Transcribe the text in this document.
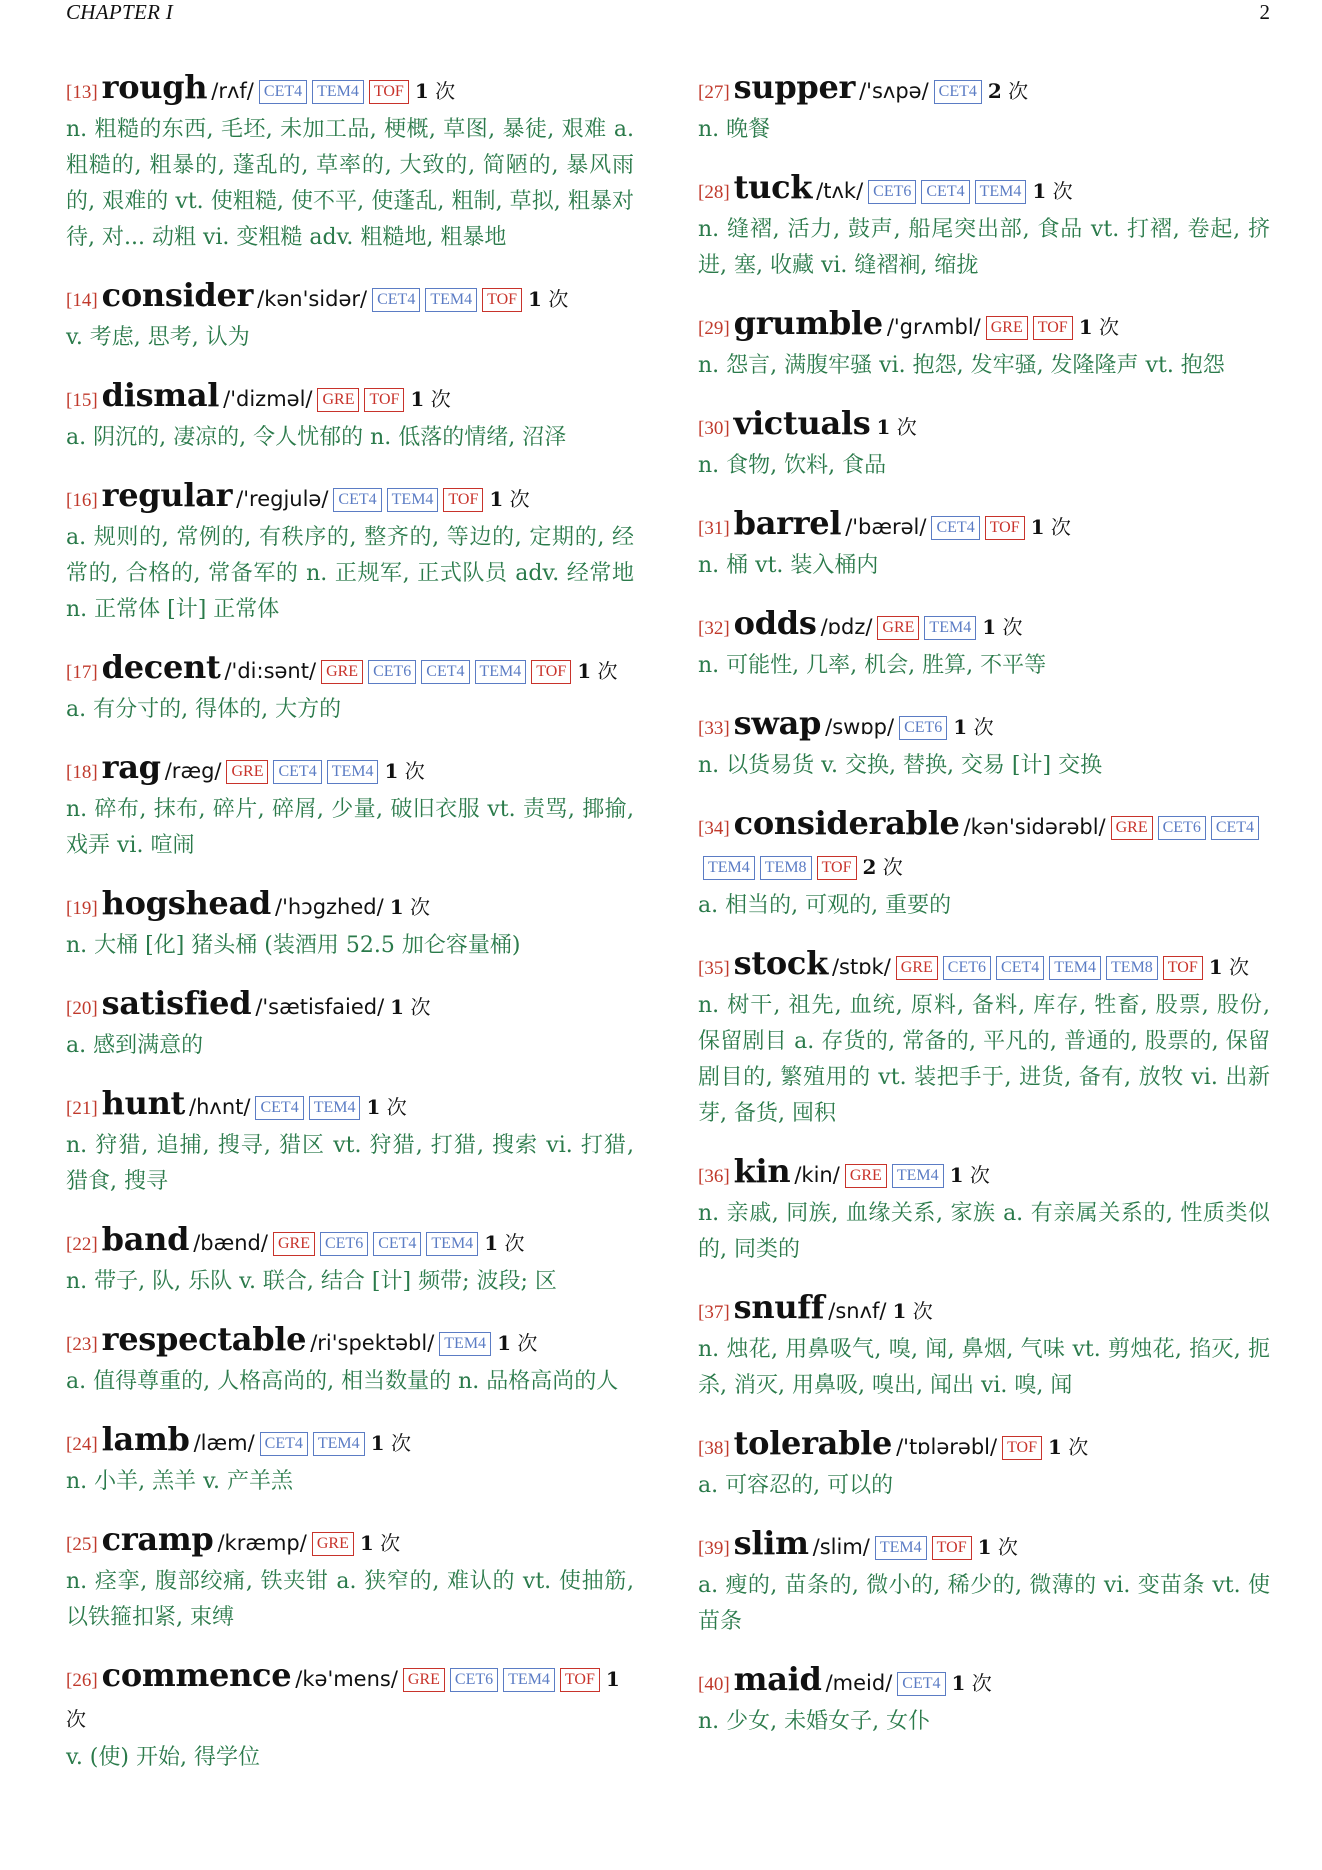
CHAPTER I	2
[13] rough /rʌf/ CET4 TEM4 TOF 1 次
n. 粗糙的东西, 毛坯, 未加工品, 梗概, 草图, 暴徒, 艰难 a. 粗糙的, 粗暴的, 蓬乱的, 草率的, 大致的, 简陋的, 暴风雨的, 艰难的 vt. 使粗糙, 使不平, 使蓬乱, 粗制, 草拟, 粗暴对待, 对... 动粗 vi. 变粗糙 adv. 粗糙地, 粗暴地
[14] consider /kən'sidər/ CET4 TEM4 TOF 1 次
v. 考虑, 思考, 认为
[15] dismal /'dizməl/ GRE TOF 1 次
a. 阴沉的, 凄凉的, 令人忧郁的 n. 低落的情绪, 沼泽
[16] regular /'regjulə/ CET4 TEM4 TOF 1 次
a. 规则的, 常例的, 有秩序的, 整齐的, 等边的, 定期的, 经常的, 合格的, 常备军的 n. 正规军, 正式队员 adv. 经常地 n. 正常体 [计] 正常体
[17] decent /'di:sənt/ GRE CET6 CET4 TEM4 TOF 1 次
a. 有分寸的, 得体的, 大方的
[18] rag /ræg/ GRE CET4 TEM4 1 次
n. 碎布, 抹布, 碎片, 碎屑, 少量, 破旧衣服 vt. 责骂, 揶揄, 戏弄 vi. 喧闹
[19] hogshead /'hɔgzhed/ 1 次
n. 大桶 [化] 猪头桶 (装酒用 52.5 加仑容量桶)
[20] satisfied /'sætisfaied/ 1 次
a. 感到满意的
[21] hunt /hʌnt/ CET4 TEM4 1 次
n. 狩猎, 追捕, 搜寻, 猎区 vt. 狩猎, 打猎, 搜索 vi. 打猎, 猎食, 搜寻
[22] band /bænd/ GRE CET6 CET4 TEM4 1 次
n. 带子, 队, 乐队 v. 联合, 结合 [计] 频带; 波段; 区
[23] respectable /ri'spektəbl/ TEM4 1 次
a. 值得尊重的, 人格高尚的, 相当数量的 n. 品格高尚的人
[24] lamb /læm/ CET4 TEM4 1 次
n. 小羊, 羔羊 v. 产羊羔
[25] cramp /kræmp/ GRE 1 次
n. 痉挛, 腹部绞痛, 铁夹钳 a. 狭窄的, 难认的 vt. 使抽筋, 以铁箍扣紧, 束缚
[26] commence /kə'mens/ GRE CET6 TEM4 TOF 1 次
v. (使) 开始, 得学位
[27] supper /'sʌpə/ CET4 2 次
n. 晚餐
[28] tuck /tʌk/ CET6 CET4 TEM4 1 次
n. 缝褶, 活力, 鼓声, 船尾突出部, 食品 vt. 打褶, 卷起, 挤进, 塞, 收藏 vi. 缝褶裥, 缩拢
[29] grumble /'grʌmbl/ GRE TOF 1 次
n. 怨言, 满腹牢骚 vi. 抱怨, 发牢骚, 发隆隆声 vt. 抱怨
[30] victuals 1 次
n. 食物, 饮料, 食品
[31] barrel /'bærəl/ CET4 TOF 1 次
n. 桶 vt. 装入桶内
[32] odds /ɒdz/ GRE TEM4 1 次
n. 可能性, 几率, 机会, 胜算, 不平等
[33] swap /swɒp/ CET6 1 次
n. 以货易货 v. 交换, 替换, 交易 [计] 交换
[34] considerable /kən'sidərəbl/ GRE CET6 CET4TEM4 TEM8 TOF 2 次
a. 相当的, 可观的, 重要的
[35] stock /stɒk/ GRE CET6 CET4 TEM4 TEM8 TOF 1 次
n. 树干, 祖先, 血统, 原料, 备料, 库存, 牲畜, 股票, 股份, 保留剧目 a. 存货的, 常备的, 平凡的, 普通的, 股票的, 保留剧目的, 繁殖用的 vt. 装把手于, 进货, 备有, 放牧 vi. 出新芽, 备货, 囤积
[36] kin /kin/ GRE TEM4 1 次
n. 亲戚, 同族, 血缘关系, 家族 a. 有亲属关系的, 性质类似的, 同类的
[37] snuff /snʌf/ 1 次
n. 烛花, 用鼻吸气, 嗅, 闻, 鼻烟, 气味 vt. 剪烛花, 掐灭, 扼杀, 消灭, 用鼻吸, 嗅出, 闻出 vi. 嗅, 闻
[38] tolerable /'tɒlərəbl/ TOF 1 次
a. 可容忍的, 可以的
[39] slim /slim/ TEM4 TOF 1 次
a. 瘦的, 苗条的, 微小的, 稀少的, 微薄的 vi. 变苗条 vt. 使苗条
[40] maid /meid/ CET4 1 次
n. 少女, 未婚女子, 女仆
